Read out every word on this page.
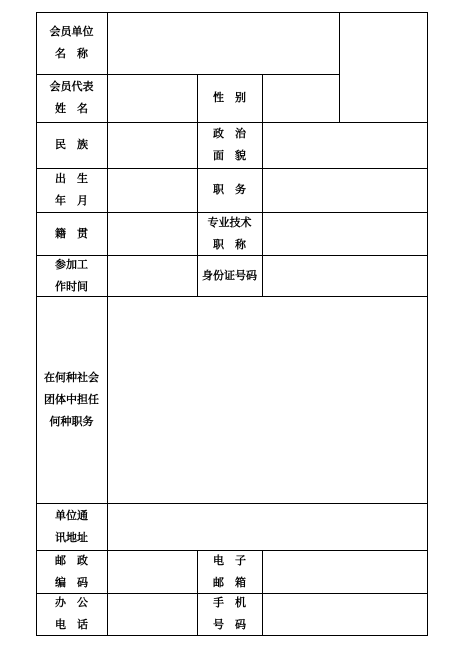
会员单位
名　称
会员代表
姓　名
性　别
民　族
政　治
面　貌
出　生
年　月
职　务
籍　贯
专业技术
职　称
参加工
作时间
身份证号码
在何种社会
团体中担任
何种职务
单位通
讯地址
邮　政
编　码
电　子
邮　箱
办　公
电　话
手　机
号　码
